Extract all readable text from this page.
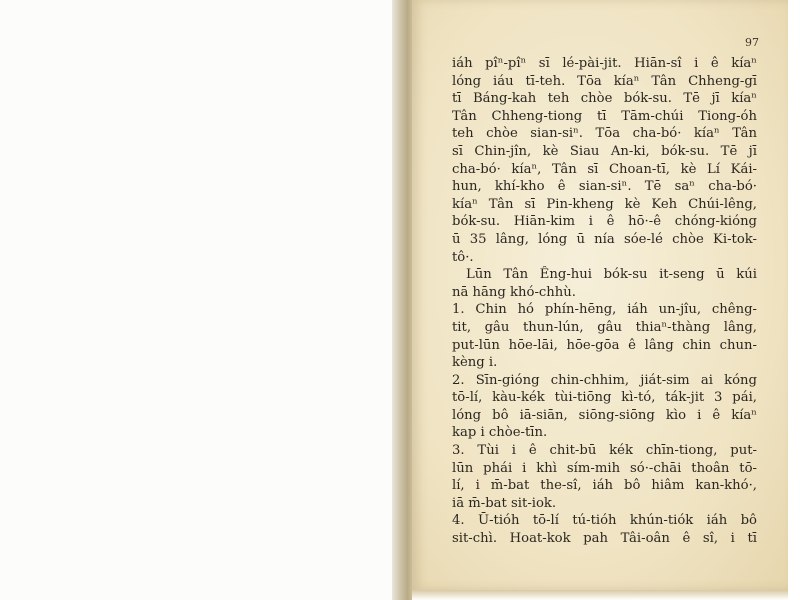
97
iáh pîⁿ-pîⁿ sī lé-pài-jit. Hiān-sî i ê kíaⁿ
lóng iáu tī-teh. Tōa kíaⁿ Tân Chheng-gī
tī Báng-kah teh chòe bók-su. Tē jī kíaⁿ
Tân Chheng-tiong tī Tām-chúi Tiong-óh
teh chòe sian-siⁿ. Tōa cha-bó· kíaⁿ Tân
sī Chin-jîn, kè Siau An-ki, bók-su. Tē jī
cha-bó· kíaⁿ, Tân sī Choan-tī, kè Lí Kái-
hun, khí-kho ê sian-siⁿ. Tē saⁿ cha-bó·
kíaⁿ Tân sī Pin-kheng kè Keh Chúi-lêng,
bók-su. Hiān-kim i ê hō·-ê chóng-kióng
ū 35 lâng, lóng ū nía sóe-lé chòe Ki-tok-
tô·.
Lūn Tân Êng-hui bók-su it-seng ū kúi
nā hāng khó-chhù.
1. Chin hó phín-hēng, iáh un-jîu, chêng-
tit, gâu thun-lún, gâu thiaⁿ-thàng lâng,
put-lūn hōe-lāi, hōe-gōa ê lâng chin chun-
kèng i.
2. Sīn-gióng chin-chhim, jiát-sim ai kóng
tō-lí, kàu-kék tùi-tiōng kì-tó, ták-jit 3 pái,
lóng bô iā-siān, siōng-siōng kìo i ê kíaⁿ
kap i chòe-tīn.
3. Tùi i ê chit-bū kék chīn-tiong, put-
lūn phái i khì sím-mih só·-chāi thoân tō-
lí, i m̄-bat the-sî, iáh bô hiâm kan-khó·,
iā m̄-bat sit-iok.
4. Ū-tióh tō-lí tú-tióh khún-tiók iáh bô
sit-chì. Hoat-kok pah Tâi-oân ê sî, i tī
